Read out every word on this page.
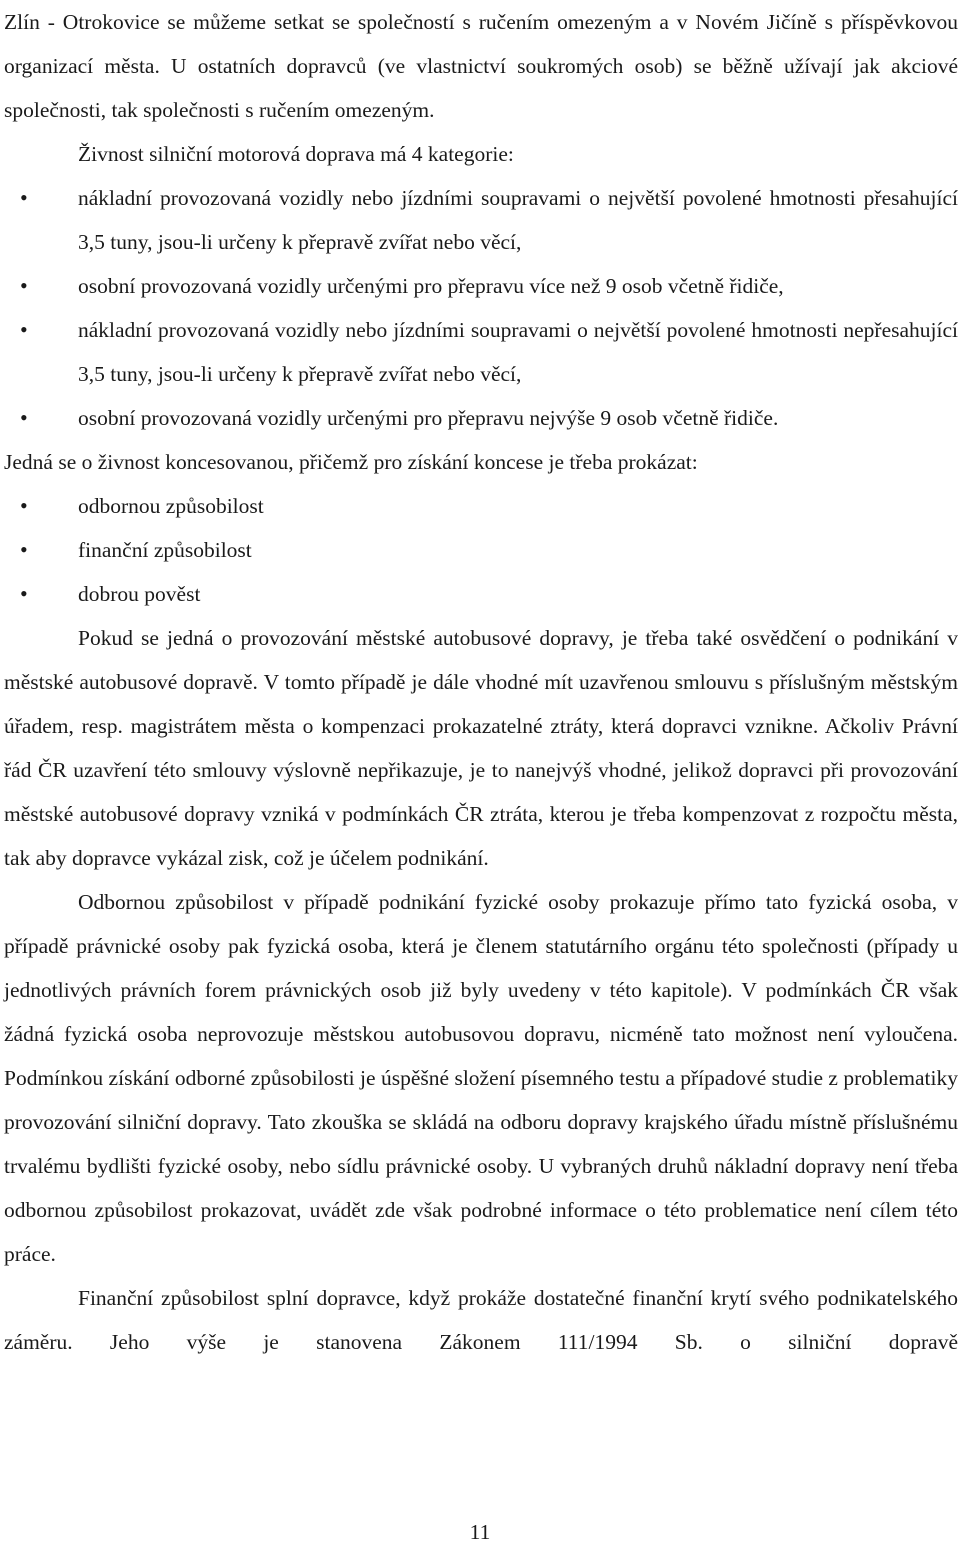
Zlín - Otrokovice se můžeme setkat se společností s ručením omezeným a v Novém Jičíně s příspěvkovou organizací města. U ostatních dopravců (ve vlastnictví soukromých osob) se běžně užívají jak akciové společnosti, tak společnosti s ručením omezeným.

Živnost silniční motorová doprava má 4 kategorie:

• nákladní provozovaná vozidly nebo jízdními soupravami o největší povolené hmotnosti přesahující 3,5 tuny, jsou-li určeny k přepravě zvířat nebo věcí,
• osobní provozovaná vozidly určenými pro přepravu více než 9 osob včetně řidiče,
• nákladní provozovaná vozidly nebo jízdními soupravami o největší povolené hmotnosti nepřesahující 3,5 tuny, jsou-li určeny k přepravě zvířat nebo věcí,
• osobní provozovaná vozidly určenými pro přepravu nejvýše 9 osob včetně řidiče.

Jedná se o živnost koncesovanou, přičemž pro získání koncese je třeba prokázat:

• odbornou způsobilost
• finanční způsobilost
• dobrou pověst

Pokud se jedná o provozování městské autobusové dopravy, je třeba také osvědčení o podnikání v městské autobusové dopravě. V tomto případě je dále vhodné mít uzavřenou smlouvu s příslušným městským úřadem, resp. magistrátem města o kompenzaci prokazatelné ztráty, která dopravci vznikne. Ačkoliv Právní řád ČR uzavření této smlouvy výslovně nepřikazuje, je to nanejvýš vhodné, jelikož dopravci při provozování městské autobusové dopravy vzniká v podmínkách ČR ztráta, kterou je třeba kompenzovat z rozpočtu města, tak aby dopravce vykázal zisk, což je účelem podnikání.

Odbornou způsobilost v případě podnikání fyzické osoby prokazuje přímo tato fyzická osoba, v případě právnické osoby pak fyzická osoba, která je členem statutárního orgánu této společnosti (případy u jednotlivých právních forem právnických osob již byly uvedeny v této kapitole). V podmínkách ČR však žádná fyzická osoba neprovozuje městskou autobusovou dopravu, nicméně tato možnost není vyloučena. Podmínkou získání odborné způsobilosti je úspěšné složení písemného testu a případové studie z problematiky provozování silniční dopravy. Tato zkouška se skládá na odboru dopravy krajského úřadu místně příslušnému trvalému bydlišti fyzické osoby, nebo sídlu právnické osoby. U vybraných druhů nákladní dopravy není třeba odbornou způsobilost prokazovat, uvádět zde však podrobné informace o této problematice není cílem této práce.

Finanční způsobilost splní dopravce, když prokáže dostatečné finanční krytí svého podnikatelského záměru. Jeho výše je stanovena Zákonem 111/1994 Sb. o silniční dopravě

11
